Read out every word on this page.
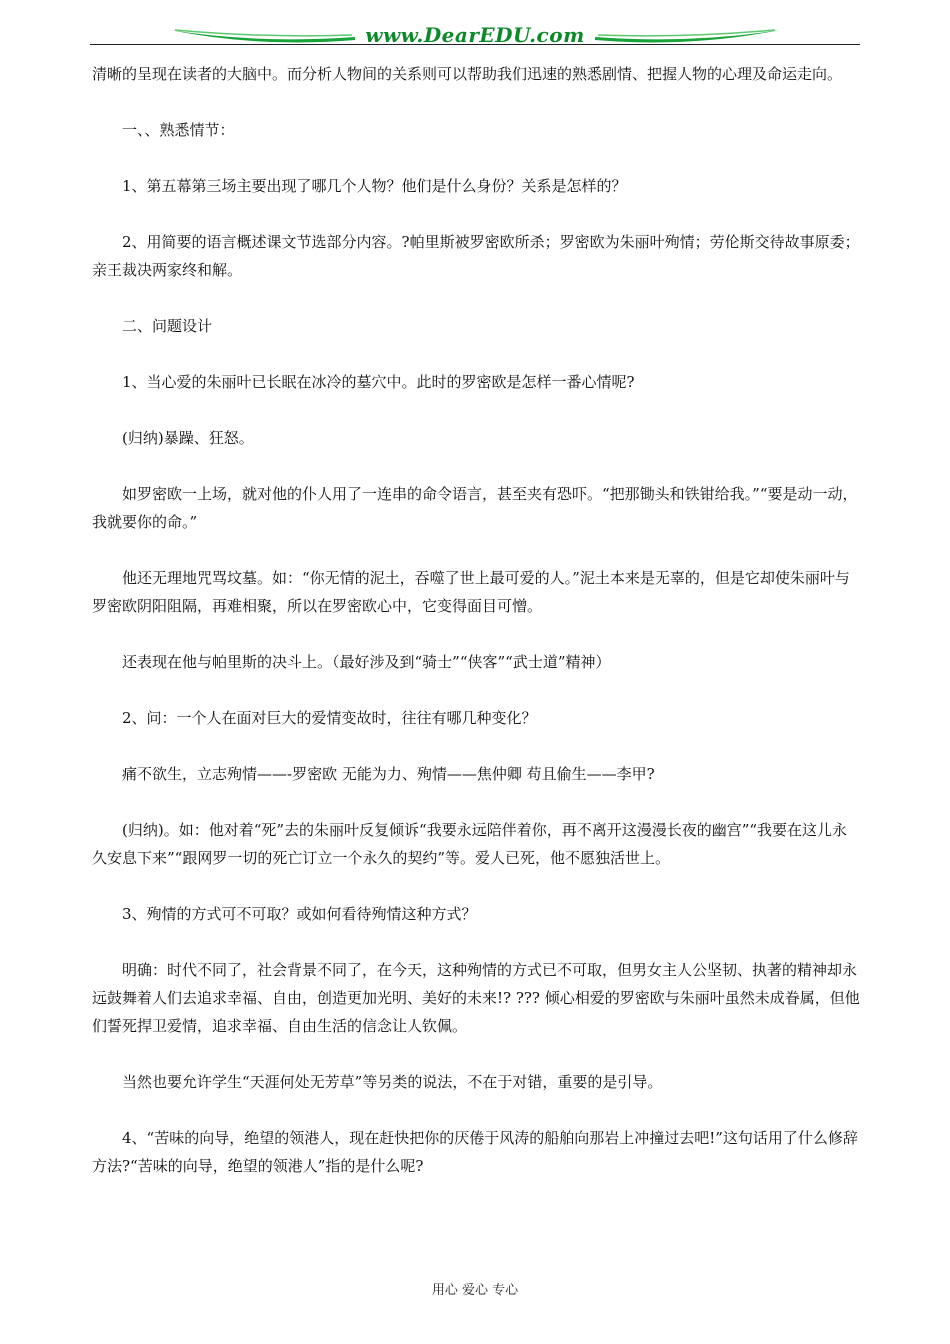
www.DearEDU.com

清晰的呈现在读者的大脑中。而分析人物间的关系则可以帮助我们迅速的熟悉剧情、把握人物的心理及命运走向。

一、、熟悉情节：

1、第五幕第三场主要出现了哪几个人物？他们是什么身份？关系是怎样的？

2、用简要的语言概述课文节选部分内容。?帕里斯被罗密欧所杀；罗密欧为朱丽叶殉情；劳伦斯交待故事原委；亲王裁决两家终和解。

二、问题设计

1、当心爱的朱丽叶已长眠在冰冷的墓穴中。此时的罗密欧是怎样一番心情呢?

(归纳)暴躁、狂怒。

如罗密欧一上场，就对他的仆人用了一连串的命令语言，甚至夹有恐吓。“把那锄头和铁钳给我。”“要是动一动，我就要你的命。”

他还无理地咒骂坟墓。如：“你无情的泥土，吞噬了世上最可爱的人。”泥土本来是无辜的，但是它却使朱丽叶与罗密欧阴阳阻隔，再难相聚，所以在罗密欧心中，它变得面目可憎。

还表现在他与帕里斯的决斗上。（最好涉及到“骑士”“侠客”“武士道”精神）

2、问：一个人在面对巨大的爱情变故时，往往有哪几种变化？

痛不欲生，立志殉情——-罗密欧 无能为力、殉情——焦仲卿 苟且偷生——李甲?

(归纳)。如：他对着“死”去的朱丽叶反复倾诉“我要永远陪伴着你，再不离开这漫漫长夜的幽宫”“我要在这儿永久安息下来”“跟网罗一切的死亡订立一个永久的契约”等。爱人已死，他不愿独活世上。

3、殉情的方式可不可取？或如何看待殉情这种方式？

明确：时代不同了，社会背景不同了，在今天，这种殉情的方式已不可取，但男女主人公坚韧、执著的精神却永远鼓舞着人们去追求幸福、自由，创造更加光明、美好的未来!? ??? 倾心相爱的罗密欧与朱丽叶虽然未成眷属，但他们誓死捍卫爱情，追求幸福、自由生活的信念让人钦佩。

当然也要允许学生“天涯何处无芳草”等另类的说法，不在于对错，重要的是引导。

4、“苦味的向导，绝望的领港人，现在赶快把你的厌倦于风涛的船舶向那岩上冲撞过去吧!”这句话用了什么修辞方法?“苦味的向导，绝望的领港人”指的是什么呢?

用心 爱心 专心
